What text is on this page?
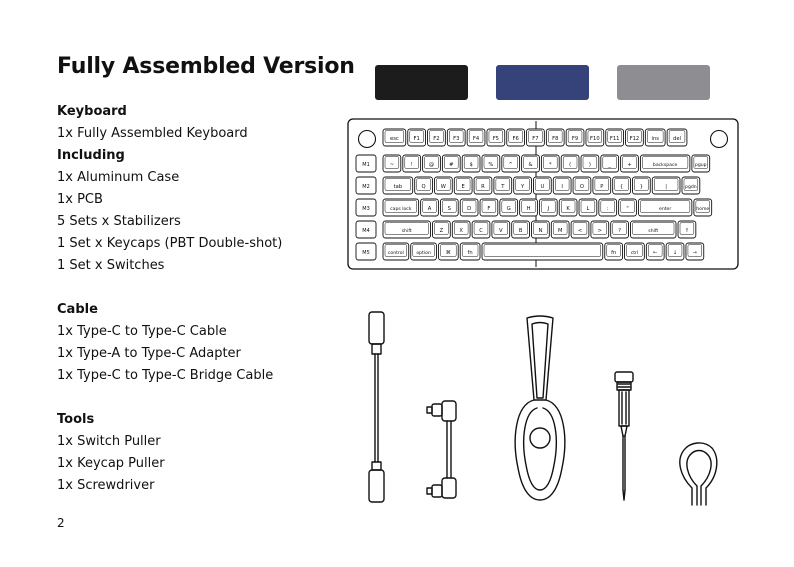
Fully Assembled Version
Keyboard
1x Fully Assembled Keyboard
Including
1x Aluminum Case
1x PCB
5 Sets x Stabilizers
1 Set x Keycaps (PBT Double-shot)
1 Set x Switches
Cable
1x Type-C to Type-C Cable
1x Type-A to Type-C Adapter
1x Type-C to Type-C Bridge Cable
Tools
1x Switch Puller
1x Keycap Puller
1x Screwdriver
esc	F1	F2	F3	F4	F5	F6	F7	F8	F9 F10 F11 F12 ins	del
~	!	@	#	$	%	^	&	*	(	)	_	+	backspace	pgup
tab	Q	W	E	R	T	Y	U	I	O	P	{	}	|	pgdn
caps lock	A	S	D	F	G	H	J	K	L	:	"	enter	home
shift	Z	X	C	V	B	N	M	<	>	?	shift	↑
control	option	⌘	fn	fn	ctrl	←	↓	→
M1
M2
M3
M4
M5
2
